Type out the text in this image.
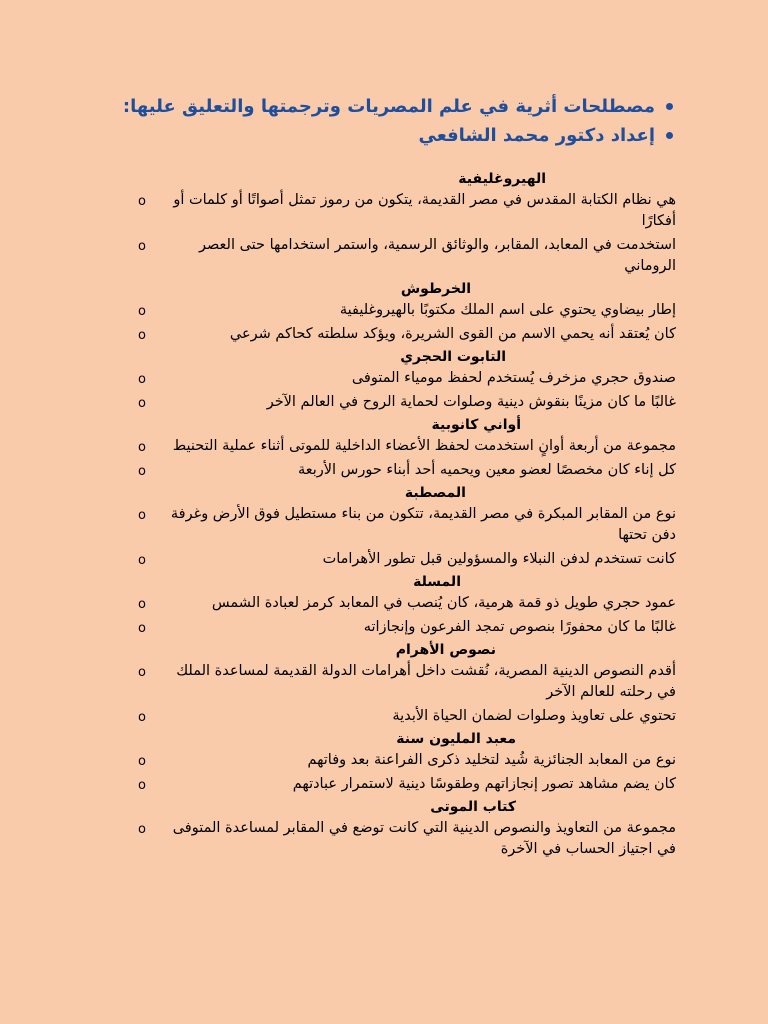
مصطلحات أثرية في علم المصريات وترجمتها والتعليق عليها:
إعداد دكتور محمد الشافعي
الهيروغليفية
o هي نظام الكتابة المقدس في مصر القديمة، يتكون من رموز تمثل أصواتًا أو كلمات أو أفكارًا
o	استخدمت في المعابد، المقابر، والوثائق الرسمية، واستمر استخدامها حتى العصر الروماني
الخرطوش
o	إطار بيضاوي يحتوي على اسم الملك مكتوبًا بالهيروغليفية
o	كان يُعتقد أنه يحمي الاسم من القوى الشريرة، ويؤكد سلطته كحاكم شرعي
التابوت الحجري
o	صندوق حجري مزخرف يُستخدم لحفظ مومياء المتوفى
o	غالبًا ما كان مزينًا بنقوش دينية وصلوات لحماية الروح في العالم الآخر
أواني كانوبية
o مجموعة من أربعة أوانٍ استخدمت لحفظ الأعضاء الداخلية للموتى أثناء عملية التحنيط
o	كل إناء كان مخصصًا لعضو معين ويحميه أحد أبناء حورس الأربعة
المصطبة
o نوع من المقابر المبكرة في مصر القديمة، تتكون من بناء مستطيل فوق الأرض وغرفة دفن تحتها
o	كانت تستخدم لدفن النبلاء والمسؤولين قبل تطور الأهرامات
المسلة
o	عمود حجري طويل ذو قمة هرمية، كان يُنصب في المعابد كرمز لعبادة الشمس
o	غالبًا ما كان محفورًا بنصوص تمجد الفرعون وإنجازاته
نصوص الأهرام
o أقدم النصوص الدينية المصرية، نُقشت داخل أهرامات الدولة القديمة لمساعدة الملك في رحلته للعالم الآخر
o	تحتوي على تعاويذ وصلوات لضمان الحياة الأبدية
معبد المليون سنة
o	نوع من المعابد الجنائزية شُيد لتخليد ذكرى الفراعنة بعد وفاتهم
o	كان يضم مشاهد تصور إنجازاتهم وطقوسًا دينية لاستمرار عبادتهم
كتاب الموتى
o مجموعة من التعاويذ والنصوص الدينية التي كانت توضع في المقابر لمساعدة المتوفى في اجتياز الحساب في الآخرة
